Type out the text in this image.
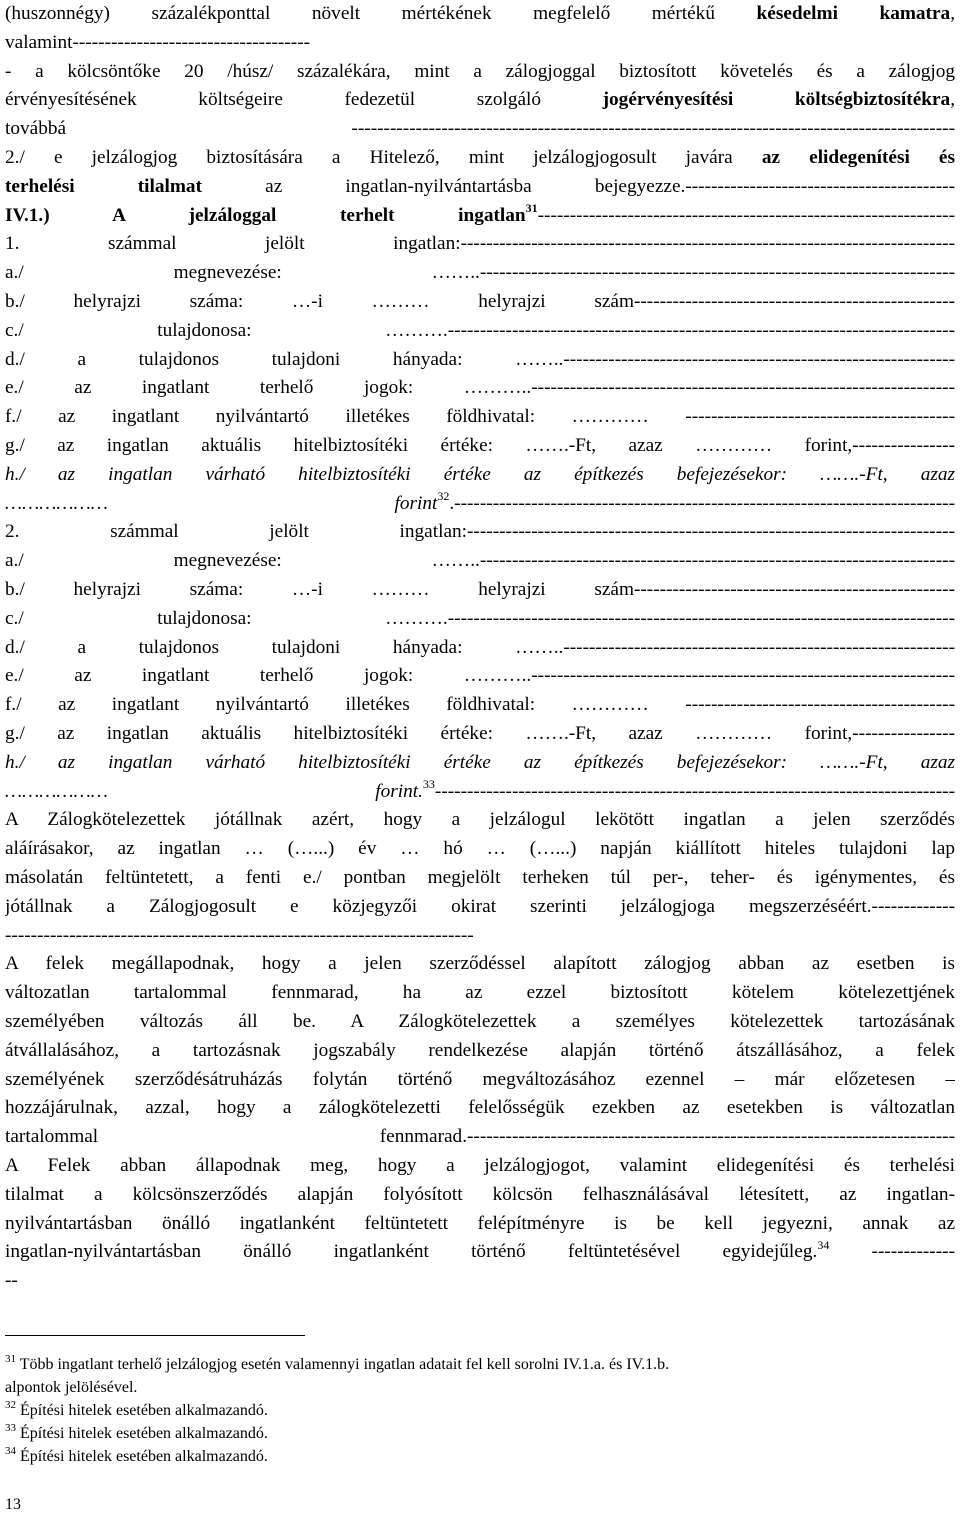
(huszonnégy) százalékponttal növelt mértékének megfelelő mértékű késedelmi kamatra,
valamint-------------------------------------
- a kölcsöntőke 20 /húsz/ százalékára, mint a zálogjoggal biztosított követelés és a zálogjog
érvényesítésének költségeire fedezetül szolgáló jogérvényesítési költségbiztosítékra,
továbbá ----------------------------------------------------------------------------------------------
2./ e jelzálogjog biztosítására a Hitelező, mint jelzálogjogosult javára az elidegenítési és
terhelési tilalmat az ingatlan-nyilvántartásba bejegyezze.------------------------------------------
IV.1.) A jelzáloggal terhelt ingatlan$^{31}$-----------------------------------------------------------------
1. számmal jelölt ingatlan:-----------------------------------------------------------------------------
a./ megnevezése: ……..--------------------------------------------------------------------------
b./ helyrajzi száma: …-i ……… helyrajzi szám--------------------------------------------------
c./ tulajdonosa: ……….-------------------------------------------------------------------------------
d./ a tulajdonos tulajdoni hányada: ……..-------------------------------------------------------------
e./ az ingatlant terhelő jogok: ………..------------------------------------------------------------------
f./ az ingatlant nyilvántartó illetékes földhivatal: ………… ------------------------------------------
g./ az ingatlan aktuális hitelbiztosítéki értéke: …….-Ft, azaz ………… forint,----------------
h./ az ingatlan várható hitelbiztosítéki értéke az építkezés befejezésekor: …….-Ft, azaz
……………… forint$^{32}$.------------------------------------------------------------------------------
2. számmal jelölt ingatlan:----------------------------------------------------------------------------
a./ megnevezése: ……..--------------------------------------------------------------------------
b./ helyrajzi száma: …-i ……… helyrajzi szám--------------------------------------------------
c./ tulajdonosa: ……….-------------------------------------------------------------------------------
d./ a tulajdonos tulajdoni hányada: ……..-------------------------------------------------------------
e./ az ingatlant terhelő jogok: ………..------------------------------------------------------------------
f./ az ingatlant nyilvántartó illetékes földhivatal: ………… ------------------------------------------
g./ az ingatlan aktuális hitelbiztosítéki értéke: …….-Ft, azaz ………… forint,----------------
h./ az ingatlan várható hitelbiztosítéki értéke az építkezés befejezésekor: …….-Ft, azaz
……………… forint.$^{33}$---------------------------------------------------------------------------------
A Zálogkötelezettek jótállnak azért, hogy a jelzálogul lekötött ingatlan a jelen szerződés
aláírásakor, az ingatlan … (…...) év … hó … (…...) napján kiállított hiteles tulajdoni lap
másolatán feltüntetett, a fenti e./ pontban megjelölt terheken túl per-, teher- és igénymentes, és
jótállnak a Zálogjogosult e közjegyzői okirat szerinti jelzálogjoga megszerzéséért.-------------
-------------------------------------------------------------------------
A felek megállapodnak, hogy a jelen szerződéssel alapított zálogjog abban az esetben is
változatlan tartalommal fennmarad, ha az ezzel biztosított kötelem kötelezettjének
személyében változás áll be. A Zálogkötelezettek a személyes kötelezettek tartozásának
átvállalásához, a tartozásnak jogszabály rendelkezése alapján történő átszállásához, a felek
személyének szerződésátruházás folytán történő megváltozásához ezennel – már előzetesen –
hozzájárulnak, azzal, hogy a zálogkötelezetti felelősségük ezekben az esetekben is változatlan
tartalommal fennmarad.----------------------------------------------------------------------------
A Felek abban állapodnak meg, hogy a jelzálogjogot, valamint elidegenítési és terhelési
tilalmat a kölcsönszerződés alapján folyósított kölcsön felhasználásával létesített, az ingatlan-
nyilvántartásban önálló ingatlanként feltüntetett felépítményre is be kell jegyezni, annak az
ingatlan-nyilvántartásban önálló ingatlanként történő feltüntetésével egyidejűleg.$^{34}$ -------------
--
$^{31}$ Több ingatlant terhelő jelzálogjog esetén valamennyi ingatlan adatait fel kell sorolni IV.1.a. és IV.1.b.
alpontok jelölésével.
$^{32}$ Építési hitelek esetében alkalmazandó.
$^{33}$ Építési hitelek esetében alkalmazandó.
$^{34}$ Építési hitelek esetében alkalmazandó.
13
